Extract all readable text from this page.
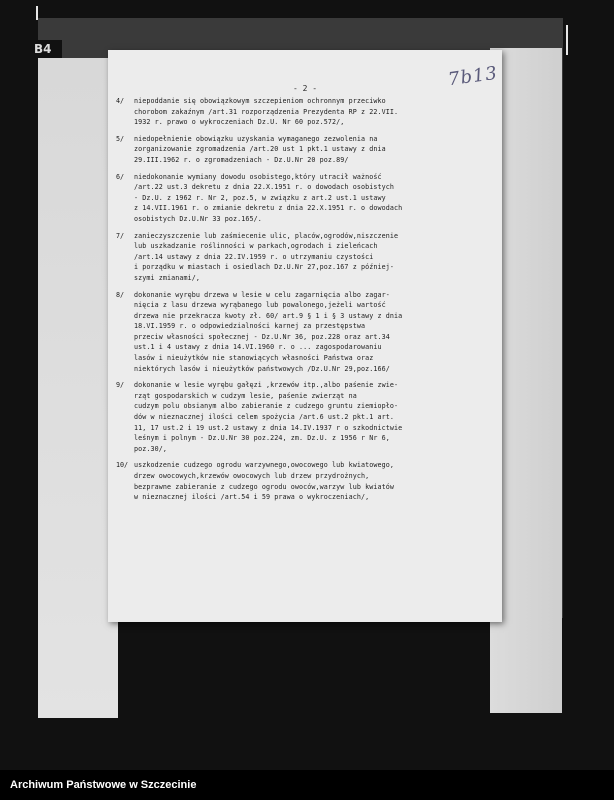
B4
- 2 -	7b13
4/	niepoddanie się obowiązkowym szczepieniom ochronnym przeciwko
chorobom zakaźnym /art.31 rozporządzenia Prezydenta RP z 22.VII.
1932 r. prawo o wykroczeniach Dz.U. Nr 60 poz.572/,
5/	niedopełnienie obowiązku uzyskania wymaganego zezwolenia na
zorganizowanie zgromadzenia /art.20 ust 1 pkt.1 ustawy z dnia
29.III.1962 r. o zgromadzeniach - Dz.U.Nr 20 poz.89/
6/	niedokonanie wymiany dowodu osobistego,który utracił ważność
/art.22 ust.3 dekretu z dnia 22.X.1951 r. o dowodach osobistych
- Dz.U. z 1962 r. Nr 2, poz.5, w związku z art.2 ust.1 ustawy
z 14.VII.1961 r. o zmianie dekretu z dnia 22.X.1951 r. o dowodach
osobistych Dz.U.Nr 33 poz.165/.
7/	zanieczyszczenie lub zaśmiecenie ulic, placów,ogrodów,niszczenie
lub uszkadzanie roślinności w parkach,ogrodach i zieleńcach
/art.14 ustawy z dnia 22.IV.1959 r. o utrzymaniu czystości
i porządku w miastach i osiedlach Dz.U.Nr 27,poz.167 z później-
szymi zmianami/,
8/	dokonanie wyrębu drzewa w lesie w celu zagarnięcia albo zagar-
nięcia z lasu drzewa wyrąbanego lub powalonego,jeżeli wartość
drzewa nie przekracza kwoty zł. 60/ art.9 § 1 i § 3 ustawy z dnia
18.VI.1959 r. o odpowiedzialności karnej za przestępstwa
przeciw własności społecznej - Dz.U.Nr 36, poz.228 oraz art.34
ust.1 i 4 ustawy z dnia 14.VI.1960 r. o ... zagospodarowaniu
lasów i nieużytków nie stanowiących własności Państwa oraz
niektórych lasów i nieużytków państwowych /Dz.U.Nr 29,poz.166/
9/	dokonanie w lesie wyrębu gałęzi ,krzewów itp.,albo paśenie zwie-
rząt gospodarskich w cudzym lesie, paśenie zwierząt na
cudzym polu obsianym albo zabieranie z cudzego gruntu ziemiopło-
dów w nieznacznej ilości celem spożycia /art.6 ust.2 pkt.1 art.
11, 17 ust.2 i 19 ust.2 ustawy z dnia 14.IV.1937 r o szkodnictwie
leśnym i polnym - Dz.U.Nr 30 poz.224, zm. Dz.U. z 1956 r Nr 6,
poz.30/,
10/ uszkodzenie cudzego ogrodu warzywnego,owocowego lub kwiatowego,
drzew owocowych,krzewów owocowych lub drzew przydrożnych,
bezprawne zabieranie z cudzego ogrodu owoców,warzyw lub kwiatów
w nieznacznej ilości /art.54 i 59 prawa o wykroczeniach/,
Archiwum Państwowe w Szczecinie
